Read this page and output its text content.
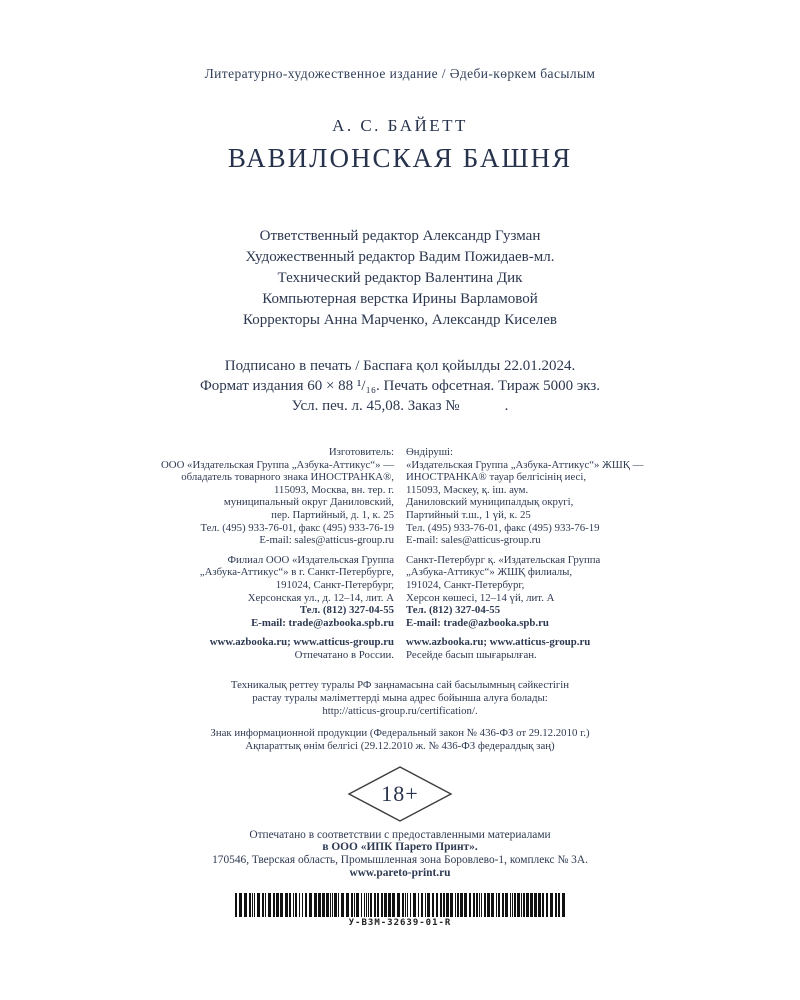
Литературно-художественное издание / Әдеби-көркем басылым
А. С. БАЙЕТТ
ВАВИЛОНСКАЯ БАШНЯ
Ответственный редактор Александр Гузман
Художественный редактор Вадим Пожидаев-мл.
Технический редактор Валентина Дик
Компьютерная верстка Ирины Варламовой
Корректоры Анна Марченко, Александр Киселев
Подписано в печать / Баспаға қол қойылды 22.01.2024.
Формат издания 60 × 88 ¹/₁₆. Печать офсетная. Тираж 5000 экз.
Усл. печ. л. 45,08. Заказ №            .
Изготовитель:
ООО «Издательская Группа „Азбука-Аттикус“» —
обладатель товарного знака ИНОСТРАНКА®,
115093, Москва, вн. тер. г.
муниципальный округ Даниловский,
пер. Партийный, д. 1, к. 25
Тел. (495) 933-76-01, факс (495) 933-76-19
E-mail: sales@atticus-group.ru
Филиал ООО «Издательская Группа
„Азбука-Аттикус“» в г. Санкт-Петербурге,
191024, Санкт-Петербург,
Херсонская ул., д. 12–14, лит. А
Тел. (812) 327-04-55
E-mail: trade@azbooka.spb.ru
www.azbooka.ru; www.atticus-group.ru
Отпечатано в России.
Өндіруші:
«Издательская Группа „Азбука-Аттикус“» ЖШҚ —
ИНОСТРАНКА® тауар белгісінің иесі,
115093, Мәскеу, қ. іш. аум.
Даниловский муниципалдық округі,
Партийный т.ш., 1 үй, к. 25
Тел. (495) 933-76-01, факс (495) 933-76-19
E-mail: sales@atticus-group.ru
Санкт-Петербург қ. «Издательская Группа
„Азбука-Аттикус“» ЖШҚ филиалы,
191024, Санкт-Петербург,
Херсон көшесі, 12–14 үй, лит. А
Тел. (812) 327-04-55
E-mail: trade@azbooka.spb.ru
www.azbooka.ru; www.atticus-group.ru
Ресейде басып шығарылған.
Техникалық реттеу туралы РФ заңнамасына сай басылымның сәйкестігін
растау туралы мәліметтерді мына адрес бойынша алуға болады:
http://atticus-group.ru/certification/.
Знак информационной продукции (Федеральный закон № 436-ФЗ от 29.12.2010 г.)
Ақпараттық өнім белгісі (29.12.2010 ж. № 436-ФЗ федералдық заң)
18+
Отпечатано в соответствии с предоставленными материалами
в ООО «ИПК Парето Принт».
170546, Тверская область, Промышленная зона Боровлево-1, комплекс № 3А.
www.pareto-print.ru
У-ВЗМ-32639-01-R
